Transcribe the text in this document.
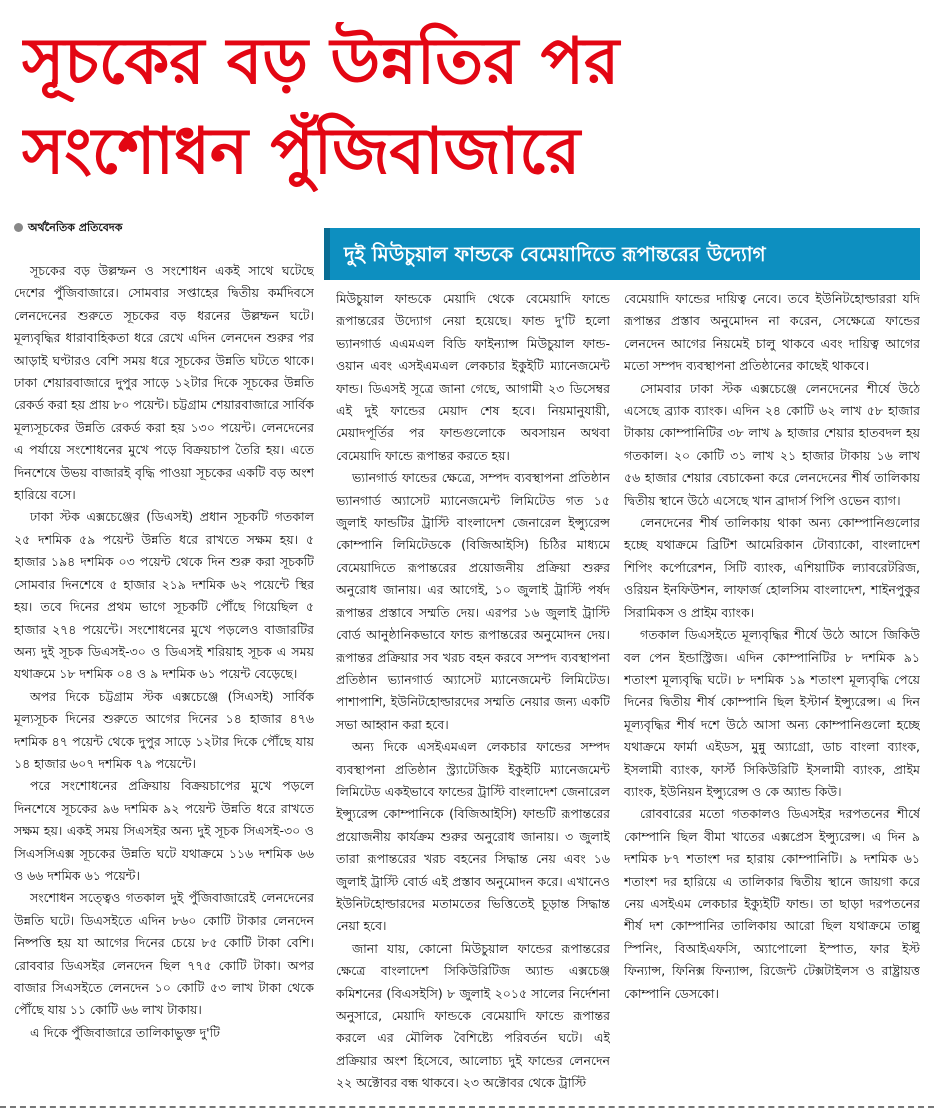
সূচকের বড় উন্নতির পর
সংশোধন পুঁজিবাজারে
অর্থনৈতিক প্রতিবেদক
দুই মিউচুয়াল ফান্ডকে বেমেয়াদিতে রূপান্তরের উদ্যোগ

সূচকের বড় উল্লম্ফন ও সংশোধন একই সাথে ঘটেছে দেশের পুঁজিবাজারে। সোমবার সপ্তাহের দ্বিতীয় কর্মদিবসে লেনদেনের শুরুতে সূচকের বড় ধরনের উল্লম্ফন ঘটে। মূল্যবৃদ্ধির ধারাবাহিকতা ধরে রেখে এদিন লেনদেন শুরুর পর আড়াই ঘণ্টারও বেশি সময় ধরে সূচকের উন্নতি ঘটতে থাকে। ঢাকা শেয়ারবাজারে দুপুর সাড়ে ১২টার দিকে সূচকের উন্নতি রেকর্ড করা হয় প্রায় ৮০ পয়েন্ট। চট্টগ্রাম শেয়ারবাজারে সার্বিক মূল্যসূচকের উন্নতি রেকর্ড করা হয় ১৩০ পয়েন্ট। লেনদেনের এ পর্যায়ে সংশোধনের মুখে পড়ে বিক্রয়চাপ তৈরি হয়। এতে দিনশেষে উভয় বাজারই বৃদ্ধি পাওয়া সূচকের একটি বড় অংশ হারিয়ে বসে।

ঢাকা স্টক এক্সচেঞ্জের (ডিএসই) প্রধান সূচকটি গতকাল ২৫ দশমিক ৫৯ পয়েন্ট উন্নতি ধরে রাখতে সক্ষম হয়। ৫ হাজার ১৯৪ দশমিক ০৩ পয়েন্ট থেকে দিন শুরু করা সূচকটি সোমবার দিনশেষে ৫ হাজার ২১৯ দশমিক ৬২ পয়েন্টে স্থির হয়। তবে দিনের প্রথম ভাগে সূচকটি পৌঁছে গিয়েছিল ৫ হাজার ২৭৪ পয়েন্টে। সংশোধনের মুখে পড়লেও বাজারটির অন্য দুই সূচক ডিএসই-৩০ ও ডিএসই শরিয়াহ সূচক এ সময় যথাক্রমে ১৮ দশমিক ০৪ ও ৯ দশমিক ৬১ পয়েন্ট বেড়েছে।

অপর দিকে চট্টগ্রাম স্টক এক্সচেঞ্জে (সিএসই) সার্বিক মূল্যসূচক দিনের শুরুতে আগের দিনের ১৪ হাজার ৪৭৬ দশমিক ৪৭ পয়েন্ট থেকে দুপুর সাড়ে ১২টার দিকে পৌঁছে যায় ১৪ হাজার ৬০৭ দশমিক ৭৯ পয়েন্টে।

পরে সংশোধনের প্রক্রিয়ায় বিক্রয়চাপের মুখে পড়লে দিনশেষে সূচকের ৯৬ দশমিক ৯২ পয়েন্ট উন্নতি ধরে রাখতে সক্ষম হয়। একই সময় সিএসইর অন্য দুই সূচক সিএসই-৩০ ও সিএসসিএক্স সূচকের উন্নতি ঘটে যথাক্রমে ১১৬ দশমিক ৬৬ ও ৬৬ দশমিক ৬১ পয়েন্ট।

সংশোধন সত্ত্বেও গতকাল দুই পুঁজিবাজারেই লেনদেনের উন্নতি ঘটে। ডিএসইতে এদিন ৮৬০ কোটি টাকার লেনদেন নিষ্পত্তি হয় যা আগের দিনের চেয়ে ৮৫ কোটি টাকা বেশি। রোববার ডিএসইর লেনদেন ছিল ৭৭৫ কোটি টাকা। অপর বাজার সিএসইতে লেনদেন ১০ কোটি ৫৩ লাখ টাকা থেকে পৌঁছে যায় ১১ কোটি ৬৬ লাখ টাকায়।

এ দিকে পুঁজিবাজারে তালিকাভুক্ত দু'টি

মিউচুয়াল ফান্ডকে মেয়াদি থেকে বেমেয়াদি ফান্ডে রূপান্তরের উদ্যোগ নেয়া হয়েছে। ফান্ড দু'টি হলো ভ্যানগার্ড এএমএল বিডি ফাইন্যান্স মিউচুয়াল ফান্ড-ওয়ান এবং এসইএমএল লেকচার ইকুইটি ম্যানেজমেন্ট ফান্ড। ডিএসই সূত্রে জানা গেছে, আগামী ২৩ ডিসেম্বর এই দুই ফান্ডের মেয়াদ শেষ হবে। নিয়মানুযায়ী, মেয়াদপূর্তির পর ফান্ডগুলোকে অবসায়ন অথবা বেমেয়াদি ফান্ডে রূপান্তর করতে হয়।

ভ্যানগার্ড ফান্ডের ক্ষেত্রে, সম্পদ ব্যবস্থাপনা প্রতিষ্ঠান ভ্যানগার্ড অ্যাসেট ম্যানেজমেন্ট লিমিটেড গত ১৫ জুলাই ফান্ডটির ট্রাস্টি বাংলাদেশ জেনারেল ইন্স্যুরেন্স কোম্পানি লিমিটেডকে (বিজিআইসি) চিঠির মাধ্যমে বেমেয়াদিতে রূপান্তরের প্রয়োজনীয় প্রক্রিয়া শুরুর অনুরোধ জানায়। এর আগেই, ১০ জুলাই ট্রাস্টি পর্ষদ রূপান্তর প্রস্তাবে সম্মতি দেয়। এরপর ১৬ জুলাই ট্রাস্টি বোর্ড আনুষ্ঠানিকভাবে ফান্ড রূপান্তরের অনুমোদন দেয়। রূপান্তর প্রক্রিয়ার সব খরচ বহন করবে সম্পদ ব্যবস্থাপনা প্রতিষ্ঠান ভ্যানগার্ড অ্যাসেট ম্যানেজমেন্ট লিমিটেড। পাশাপাশি, ইউনিটহোল্ডারদের সম্মতি নেয়ার জন্য একটি সভা আহ্বান করা হবে।

অন্য দিকে এসইএমএল লেকচার ফান্ডের সম্পদ ব্যবস্থাপনা প্রতিষ্ঠান স্ট্র্যাটেজিক ইকুইটি ম্যানেজমেন্ট লিমিটেড একইভাবে ফান্ডের ট্রাস্টি বাংলাদেশ জেনারেল ইন্স্যুরেন্স কোম্পানিকে (বিজিআইসি) ফান্ডটি রূপান্তরের প্রয়োজনীয় কার্যক্রম শুরুর অনুরোধ জানায়। ৩ জুলাই তারা রূপান্তরের খরচ বহনের সিদ্ধান্ত নেয় এবং ১৬ জুলাই ট্রাস্টি বোর্ড এই প্রস্তাব অনুমোদন করে। এখানেও ইউনিটহোল্ডারদের মতামতের ভিত্তিতেই চূড়ান্ত সিদ্ধান্ত নেয়া হবে।

জানা যায়, কোনো মিউচুয়াল ফান্ডের রূপান্তরের ক্ষেত্রে বাংলাদেশ সিকিউরিটিজ অ্যান্ড এক্সচেঞ্জ কমিশনের (বিএসইসি) ৮ জুলাই ২০১৫ সালের নির্দেশনা অনুসারে, মেয়াদি ফান্ডকে বেমেয়াদি ফান্ডে রূপান্তর করলে এর মৌলিক বৈশিষ্ট্যে পরিবর্তন ঘটে। এই প্রক্রিয়ার অংশ হিসেবে, আলোচ্য দুই ফান্ডের লেনদেন ২২ অক্টোবর বন্ধ থাকবে। ২৩ অক্টোবর থেকে ট্রাস্টি

বেমেয়াদি ফান্ডের দায়িত্ব নেবে। তবে ইউনিটহোল্ডাররা যদি রূপান্তর প্রস্তাব অনুমোদন না করেন, সেক্ষেত্রে ফান্ডের লেনদেন আগের নিয়মেই চালু থাকবে এবং দায়িত্ব আগের মতো সম্পদ ব্যবস্থাপনা প্রতিষ্ঠানের কাছেই থাকবে।

সোমবার ঢাকা স্টক এক্সচেঞ্জে লেনদেনের শীর্ষে উঠে এসেছে ব্র্যাক ব্যাংক। এদিন ২৪ কোটি ৬২ লাখ ৫৮ হাজার টাকায় কোম্পানিটির ৩৮ লাখ ৯ হাজার শেয়ার হাতবদল হয় গতকাল। ২০ কোটি ৩১ লাখ ২১ হাজার টাকায় ১৬ লাখ ৫৬ হাজার শেয়ার বেচাকেনা করে লেনদেনের শীর্ষ তালিকায় দ্বিতীয় স্থানে উঠে এসেছে খান ব্রাদার্স পিপি ওভেন ব্যাগ।

লেনদেনের শীর্ষ তালিকায় থাকা অন্য কোম্পানিগুলোর হচ্ছে যথাক্রমে ব্রিটিশ আমেরিকান টোব্যাকো, বাংলাদেশ শিপিং কর্পোরেশন, সিটি ব্যাংক, এশিয়াটিক ল্যাবরেটরিজ, ওরিয়ন ইনফিউশন, লাফার্জ হোলসিম বাংলাদেশ, শাইনপুকুর সিরামিকস ও প্রাইম ব্যাংক।

গতকাল ডিএসইতে মূল্যবৃদ্ধির শীর্ষে উঠে আসে জিকিউ বল পেন ইন্ডাস্ট্রিজ। এদিন কোম্পানিটির ৮ দশমিক ৯১ শতাংশ মূল্যবৃদ্ধি ঘটে। ৮ দশমিক ১৯ শতাংশ মূল্যবৃদ্ধি পেয়ে দিনের দ্বিতীয় শীর্ষ কোম্পানি ছিল ইস্টার্ন ইন্স্যুরেন্স। এ দিন মূল্যবৃদ্ধির শীর্ষ দশে উঠে আসা অন্য কোম্পানিগুলো হচ্ছে যথাক্রমে ফার্মা এইডস, মুন্নু অ্যাগ্রো, ডাচ বাংলা ব্যাংক, ইসলামী ব্যাংক, ফার্স্ট সিকিউরিটি ইসলামী ব্যাংক, প্রাইম ব্যাংক, ইউনিয়ন ইন্স্যুরেন্স ও কে অ্যান্ড কিউ।

রোববারের মতো গতকালও ডিএসইর দরপতনের শীর্ষে কোম্পানি ছিল বীমা খাতের এক্সপ্রেস ইন্স্যুরেন্স। এ দিন ৯ দশমিক ৮৭ শতাংশ দর হারায় কোম্পানিটি। ৯ দশমিক ৬১ শতাংশ দর হারিয়ে এ তালিকার দ্বিতীয় স্থানে জায়গা করে নেয় এসইএম লেকচার ইক্যুইটি ফান্ড। তা ছাড়া দরপতনের শীর্ষ দশ কোম্পানির তালিকায় আরো ছিল যথাক্রমে তাল্লু স্পিনিং, বিআইএফসি, অ্যাপোলো ইস্পাত, ফার ইস্ট ফিন্যান্স, ফিনিক্স ফিন্যান্স, রিজেন্ট টেক্সটাইলস ও রাষ্ট্রায়ত্ত কোম্পানি ডেসকো।
